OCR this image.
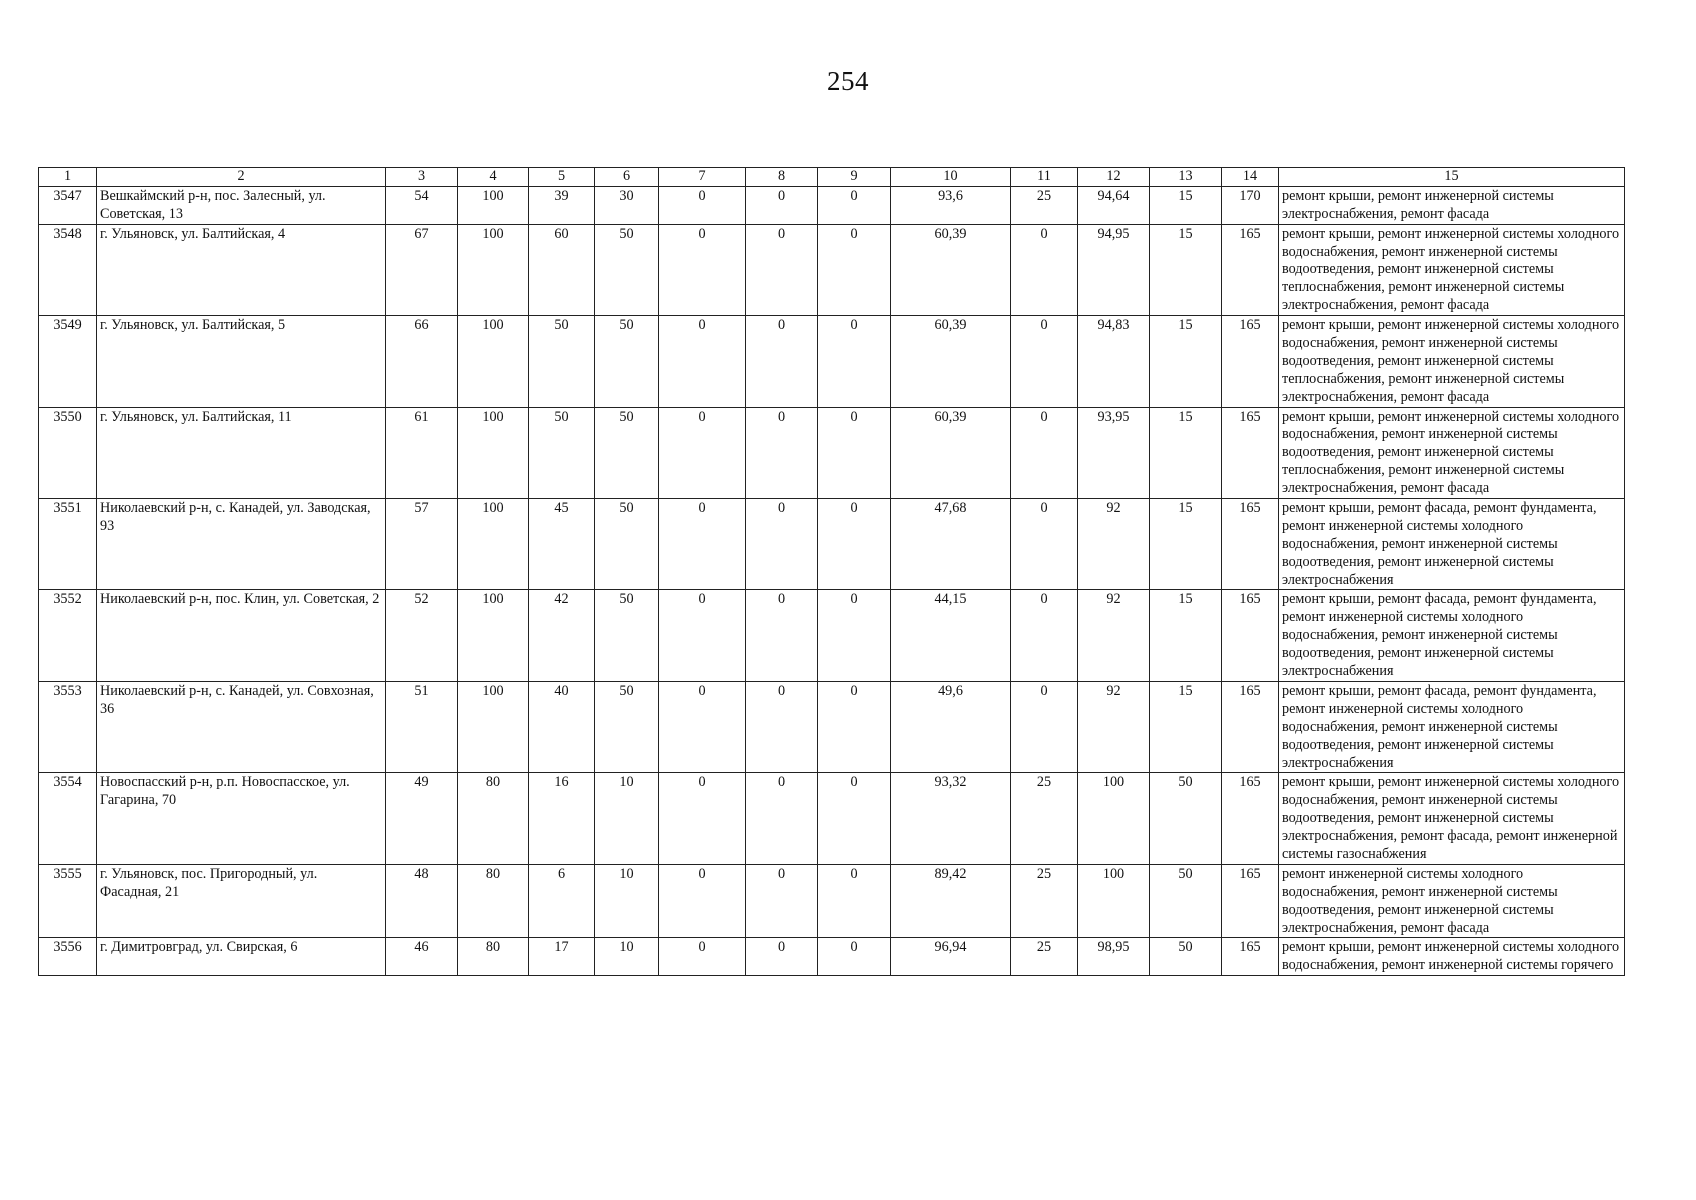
254
1	2	3	4	5	6	7	8	9	10	11	12	13	14	15
3547	Вешкаймский р-н, пос. Залесный, ул. Советская, 13	54	100	39	30	0	0	0	93,6	25	94,64	15	170	ремонт крыши, ремонт инженерной системы электроснабжения, ремонт фасада
3548	г. Ульяновск, ул. Балтийская, 4	67	100	60	50	0	0	0	60,39	0	94,95	15	165	ремонт крыши, ремонт инженерной системы холодного водоснабжения, ремонт инженерной системы водоотведения, ремонт инженерной системы теплоснабжения, ремонт инженерной системы электроснабжения, ремонт фасада
3549	г. Ульяновск, ул. Балтийская, 5	66	100	50	50	0	0	0	60,39	0	94,83	15	165	ремонт крыши, ремонт инженерной системы холодного водоснабжения, ремонт инженерной системы водоотведения, ремонт инженерной системы теплоснабжения, ремонт инженерной системы электроснабжения, ремонт фасада
3550	г. Ульяновск, ул. Балтийская, 11	61	100	50	50	0	0	0	60,39	0	93,95	15	165	ремонт крыши, ремонт инженерной системы холодного водоснабжения, ремонт инженерной системы водоотведения, ремонт инженерной системы теплоснабжения, ремонт инженерной системы электроснабжения, ремонт фасада
3551	Николаевский р-н, с. Канадей, ул. Заводская, 93	57	100	45	50	0	0	0	47,68	0	92	15	165	ремонт крыши, ремонт фасада, ремонт фундамента, ремонт инженерной системы холодного водоснабжения, ремонт инженерной системы водоотведения, ремонт инженерной системы электроснабжения
3552	Николаевский р-н, пос. Клин, ул. Советская, 2	52	100	42	50	0	0	0	44,15	0	92	15	165	ремонт крыши, ремонт фасада, ремонт фундамента, ремонт инженерной системы холодного водоснабжения, ремонт инженерной системы водоотведения, ремонт инженерной системы электроснабжения
3553	Николаевский р-н, с. Канадей, ул. Совхозная, 36	51	100	40	50	0	0	0	49,6	0	92	15	165	ремонт крыши, ремонт фасада, ремонт фундамента, ремонт инженерной системы холодного водоснабжения, ремонт инженерной системы водоотведения, ремонт инженерной системы электроснабжения
3554	Новоспасский р-н, р.п. Новоспасское, ул. Гагарина, 70	49	80	16	10	0	0	0	93,32	25	100	50	165	ремонт крыши, ремонт инженерной системы холодного водоснабжения, ремонт инженерной системы водоотведения, ремонт инженерной системы электроснабжения, ремонт фасада, ремонт инженерной системы газоснабжения
3555	г. Ульяновск, пос. Пригородный, ул. Фасадная, 21	48	80	6	10	0	0	0	89,42	25	100	50	165	ремонт инженерной системы холодного водоснабжения, ремонт инженерной системы водоотведения, ремонт инженерной системы электроснабжения, ремонт фасада
3556	г. Димитровград, ул. Свирская, 6	46	80	17	10	0	0	0	96,94	25	98,95	50	165	ремонт крыши, ремонт инженерной системы холодного водоснабжения, ремонт инженерной системы горячего
